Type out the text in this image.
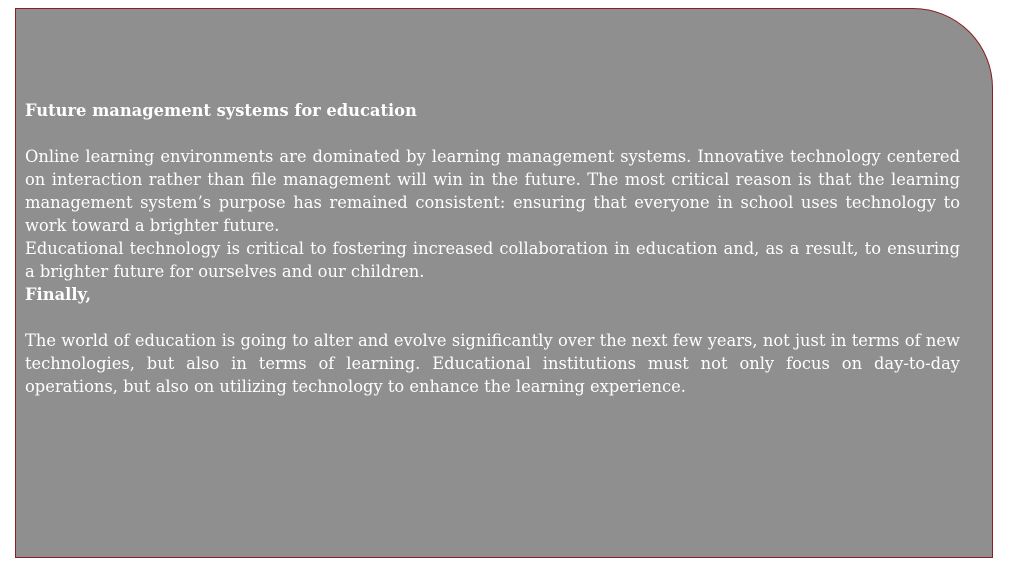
Future management systems for education

Online learning environments are dominated by learning management systems. Innovative technology centered on interaction rather than file management will win in the future. The most critical reason is that the learning management system’s purpose has remained consistent: ensuring that everyone in school uses technology to work toward a brighter future.

Educational technology is critical to fostering increased collaboration in education and, as a result, to ensuring a brighter future for ourselves and our children.

Finally,

The world of education is going to alter and evolve significantly over the next few years, not just in terms of new technologies, but also in terms of learning. Educational institutions must not only focus on day-to-day operations, but also on utilizing technology to enhance the learning experience.
